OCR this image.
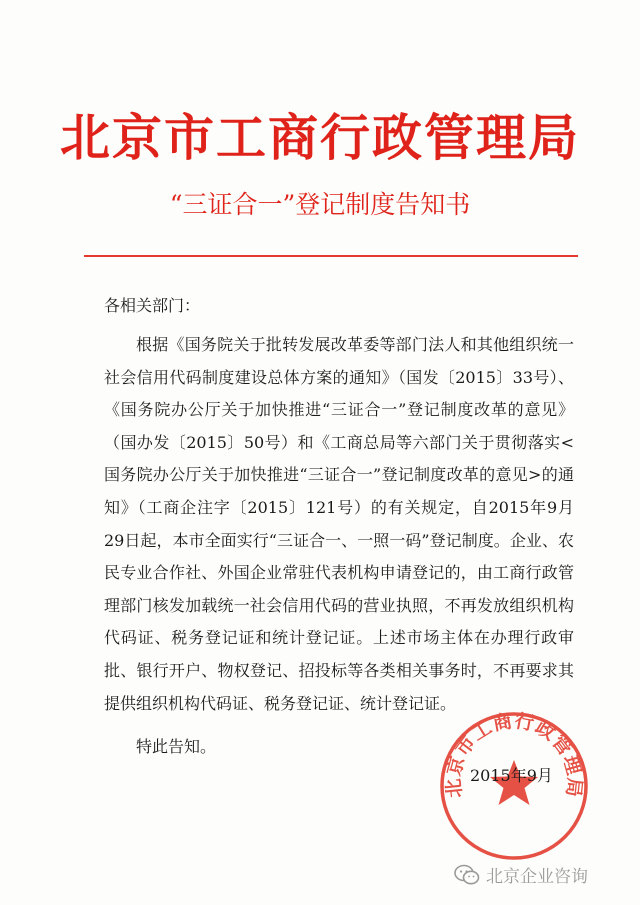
北京市工商行政管理局
“三证合一”登记制度告知书
各相关部门：

根据《国务院关于批转发展改革委等部门法人和其他组织统一社会信用代码制度建设总体方案的通知》（国发〔2015〕33号）、《国务院办公厅关于加快推进“三证合一”登记制度改革的意见》（国办发〔2015〕50号）和《工商总局等六部门关于贯彻落实<国务院办公厅关于加快推进“三证合一”登记制度改革的意见>的通知》（工商企注字〔2015〕121号）的有关规定，自2015年9月29日起，本市全面实行“三证合一、一照一码”登记制度。企业、农民专业合作社、外国企业常驻代表机构申请登记的，由工商行政管理部门核发加载统一社会信用代码的营业执照，不再发放组织机构代码证、税务登记证和统计登记证。上述市场主体在办理行政审批、银行开户、物权登记、招投标等各类相关事务时，不再要求其提供组织机构代码证、税务登记证、统计登记证。

特此告知。
北京市工商行政管理局
2015年9月
北京企业咨询
